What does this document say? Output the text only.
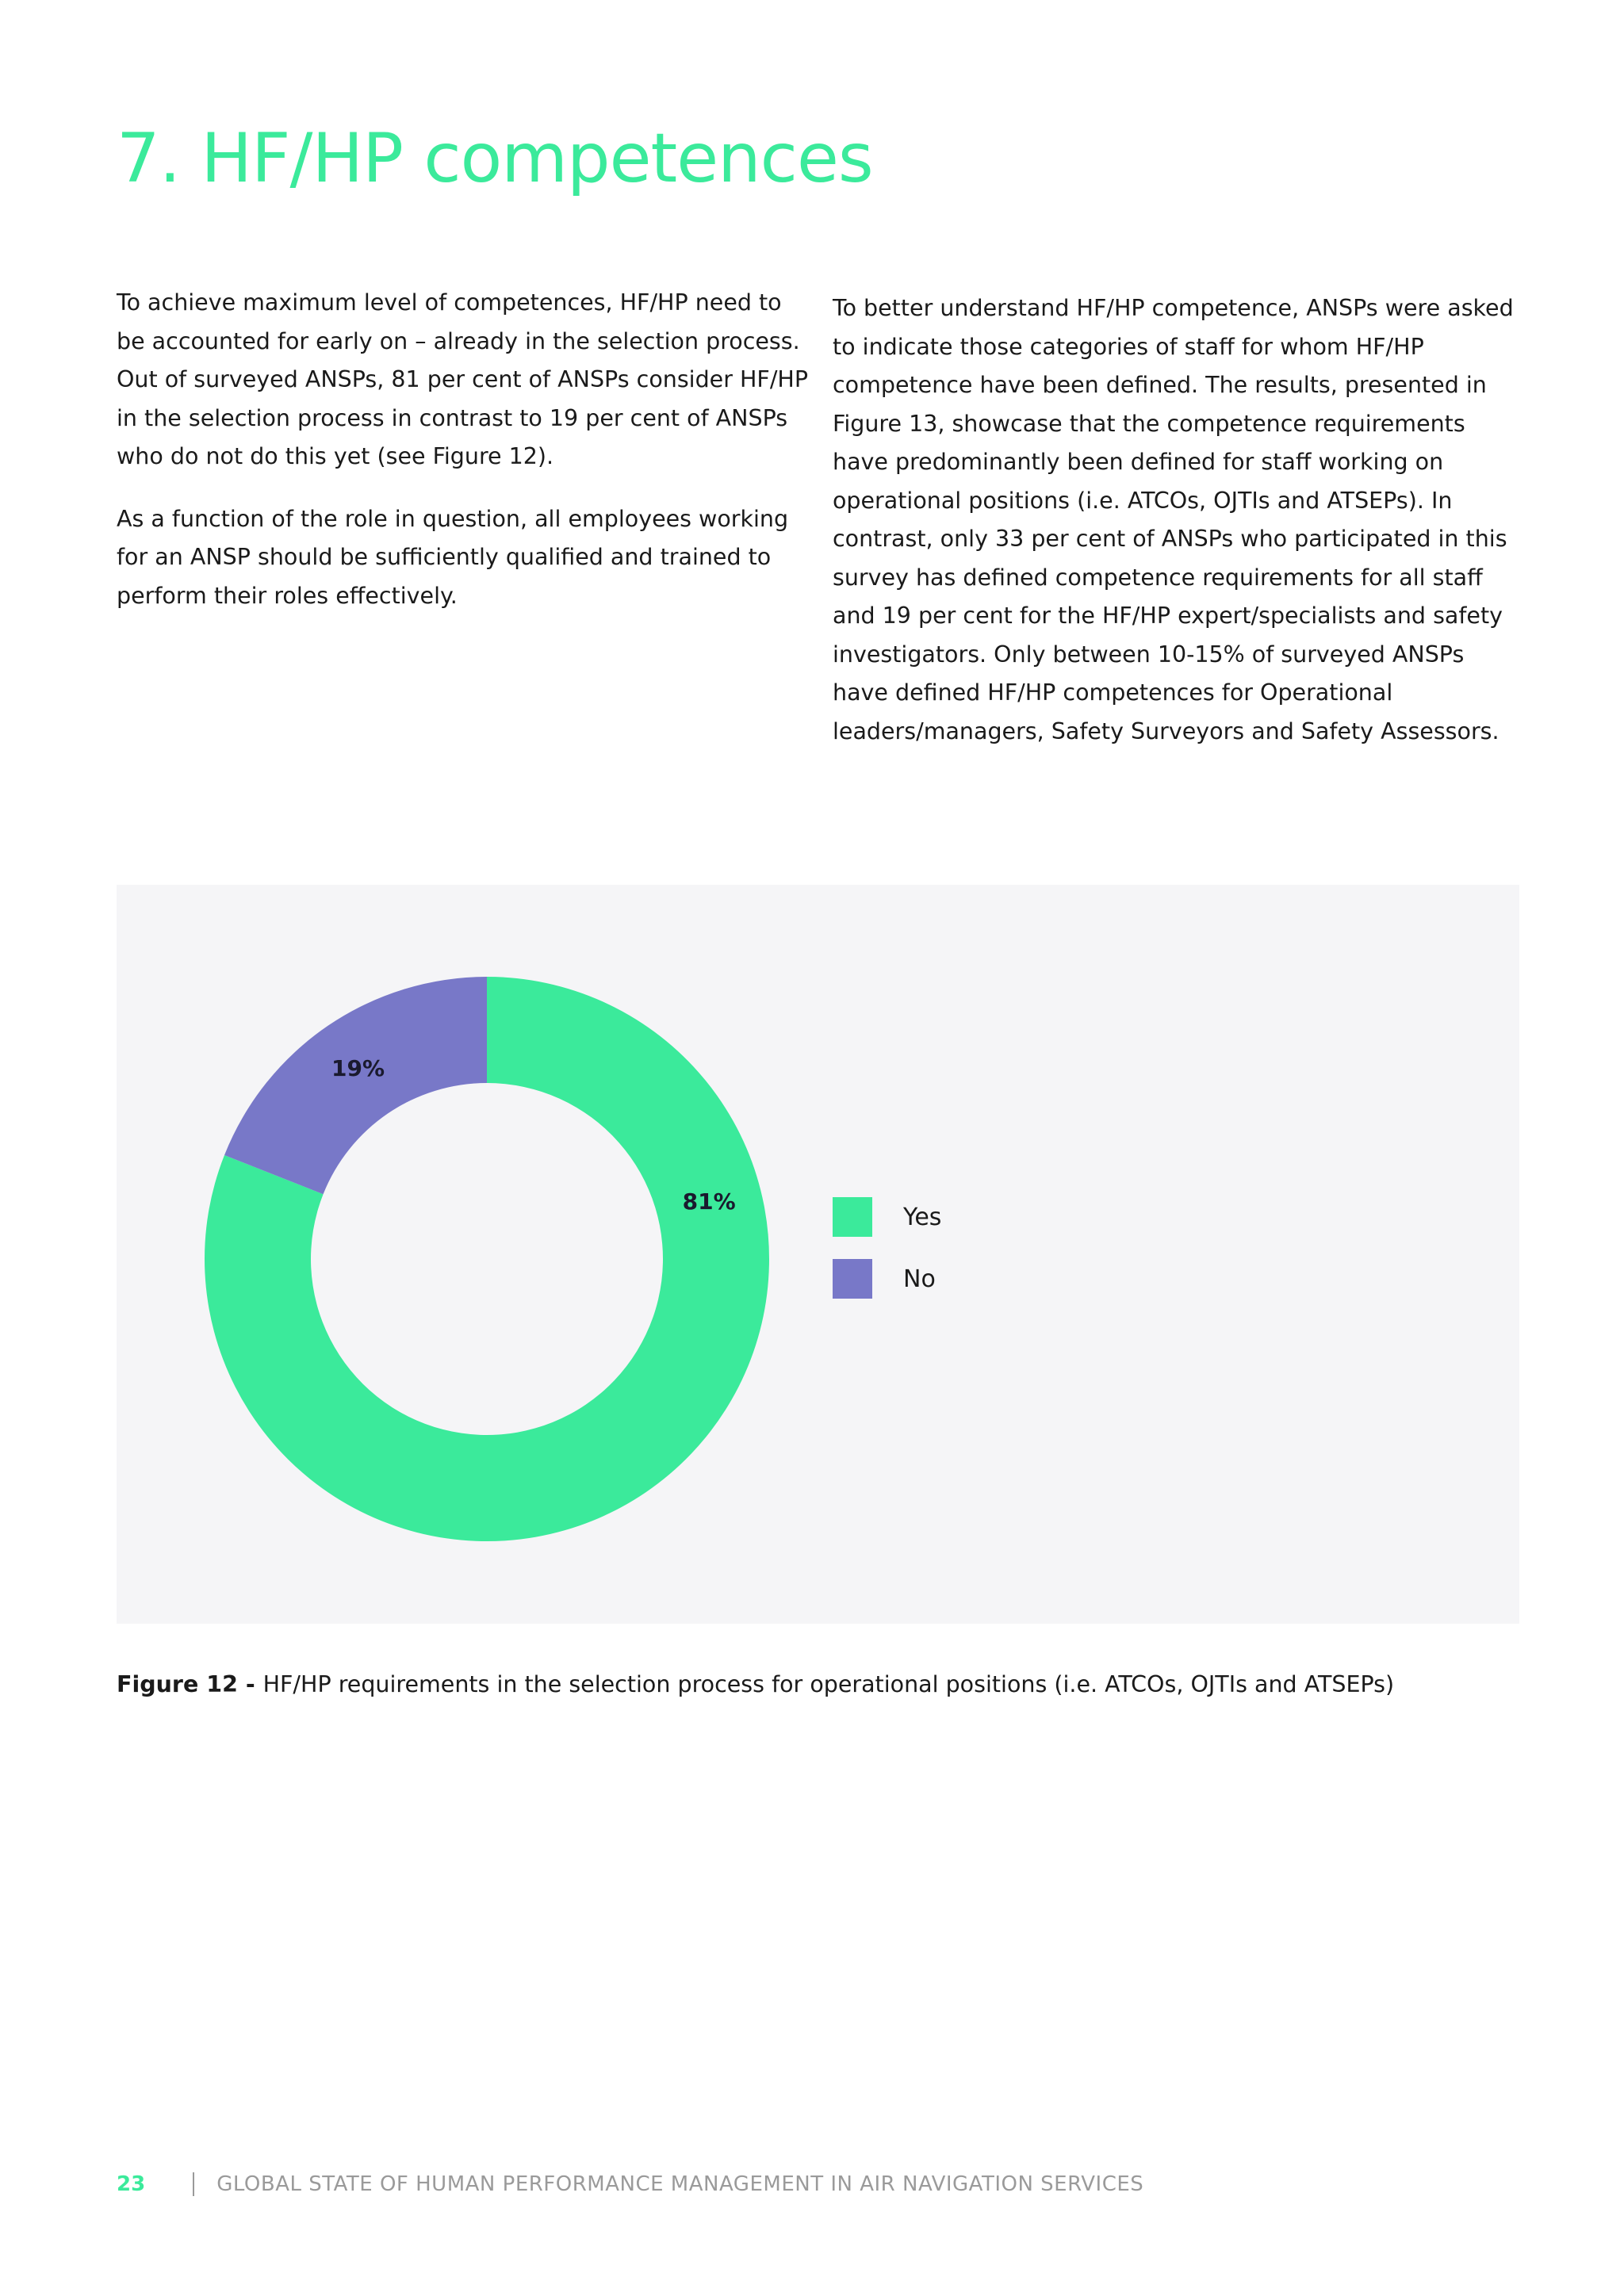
7. HF/HP competences

To achieve maximum level of competences, HF/HP need to be accounted for early on – already in the selection process. Out of surveyed ANSPs, 81 per cent of ANSPs consider HF/HP in the selection process in contrast to 19 per cent of ANSPs who do not do this yet (see Figure 12).

As a function of the role in question, all employees working for an ANSP should be sufficiently qualified and trained to perform their roles effectively.

To better understand HF/HP competence, ANSPs were asked to indicate those categories of staff for whom HF/HP competence have been defined. The results, presented in Figure 13, showcase that the competence requirements have predominantly been defined for staff working on operational positions (i.e. ATCOs, OJTIs and ATSEPs). In contrast, only 33 per cent of ANSPs who participated in this survey has defined competence requirements for all staff and 19 per cent for the HF/HP expert/specialists and safety investigators. Only between 10-15% of surveyed ANSPs have defined HF/HP competences for Operational leaders/managers, Safety Surveyors and Safety Assessors.

81%
19%
Yes
No
Figure 12 - HF/HP requirements in the selection process for operational positions (i.e. ATCOs, OJTIs and ATSEPs)
23	GLOBAL STATE OF HUMAN PERFORMANCE MANAGEMENT IN AIR NAVIGATION SERVICES
